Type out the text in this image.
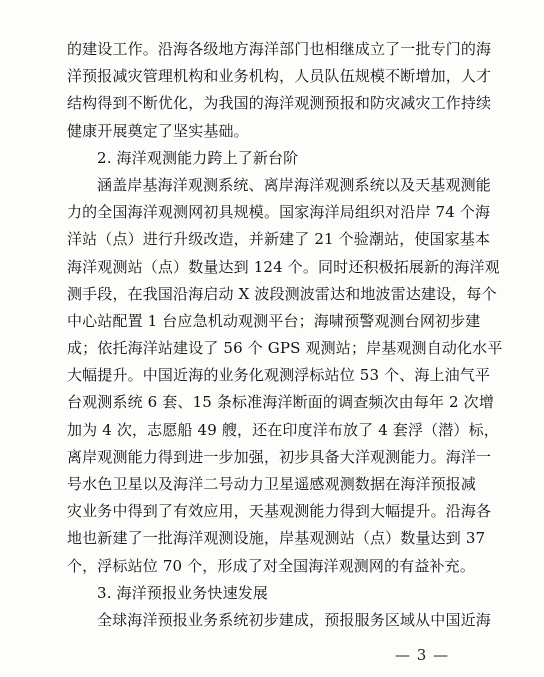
的建设工作。沿海各级地方海洋部门也相继成立了一批专门的海
洋预报减灾管理机构和业务机构，人员队伍规模不断增加，人才
结构得到不断优化，为我国的海洋观测预报和防灾减灾工作持续
健康开展奠定了坚实基础。
2. 海洋观测能力跨上了新台阶
涵盖岸基海洋观测系统、离岸海洋观测系统以及天基观测能
力的全国海洋观测网初具规模。国家海洋局组织对沿岸 74 个海
洋站（点）进行升级改造，并新建了 21 个验潮站，使国家基本
海洋观测站（点）数量达到 124 个。同时还积极拓展新的海洋观
测手段，在我国沿海启动 X 波段测波雷达和地波雷达建设，每个
中心站配置 1 台应急机动观测平台；海啸预警观测台网初步建
成；依托海洋站建设了 56 个 GPS 观测站；岸基观测自动化水平
大幅提升。中国近海的业务化观测浮标站位 53 个、海上油气平
台观测系统 6 套、15 条标准海洋断面的调查频次由每年 2 次增
加为 4 次，志愿船 49 艘，还在印度洋布放了 4 套浮（潜）标，
离岸观测能力得到进一步加强，初步具备大洋观测能力。海洋一
号水色卫星以及海洋二号动力卫星遥感观测数据在海洋预报减
灾业务中得到了有效应用，天基观测能力得到大幅提升。沿海各
地也新建了一批海洋观测设施，岸基观测站（点）数量达到 37
个，浮标站位 70 个，形成了对全国海洋观测网的有益补充。
3. 海洋预报业务快速发展
全球海洋预报业务系统初步建成，预报服务区域从中国近海
— 3 —
